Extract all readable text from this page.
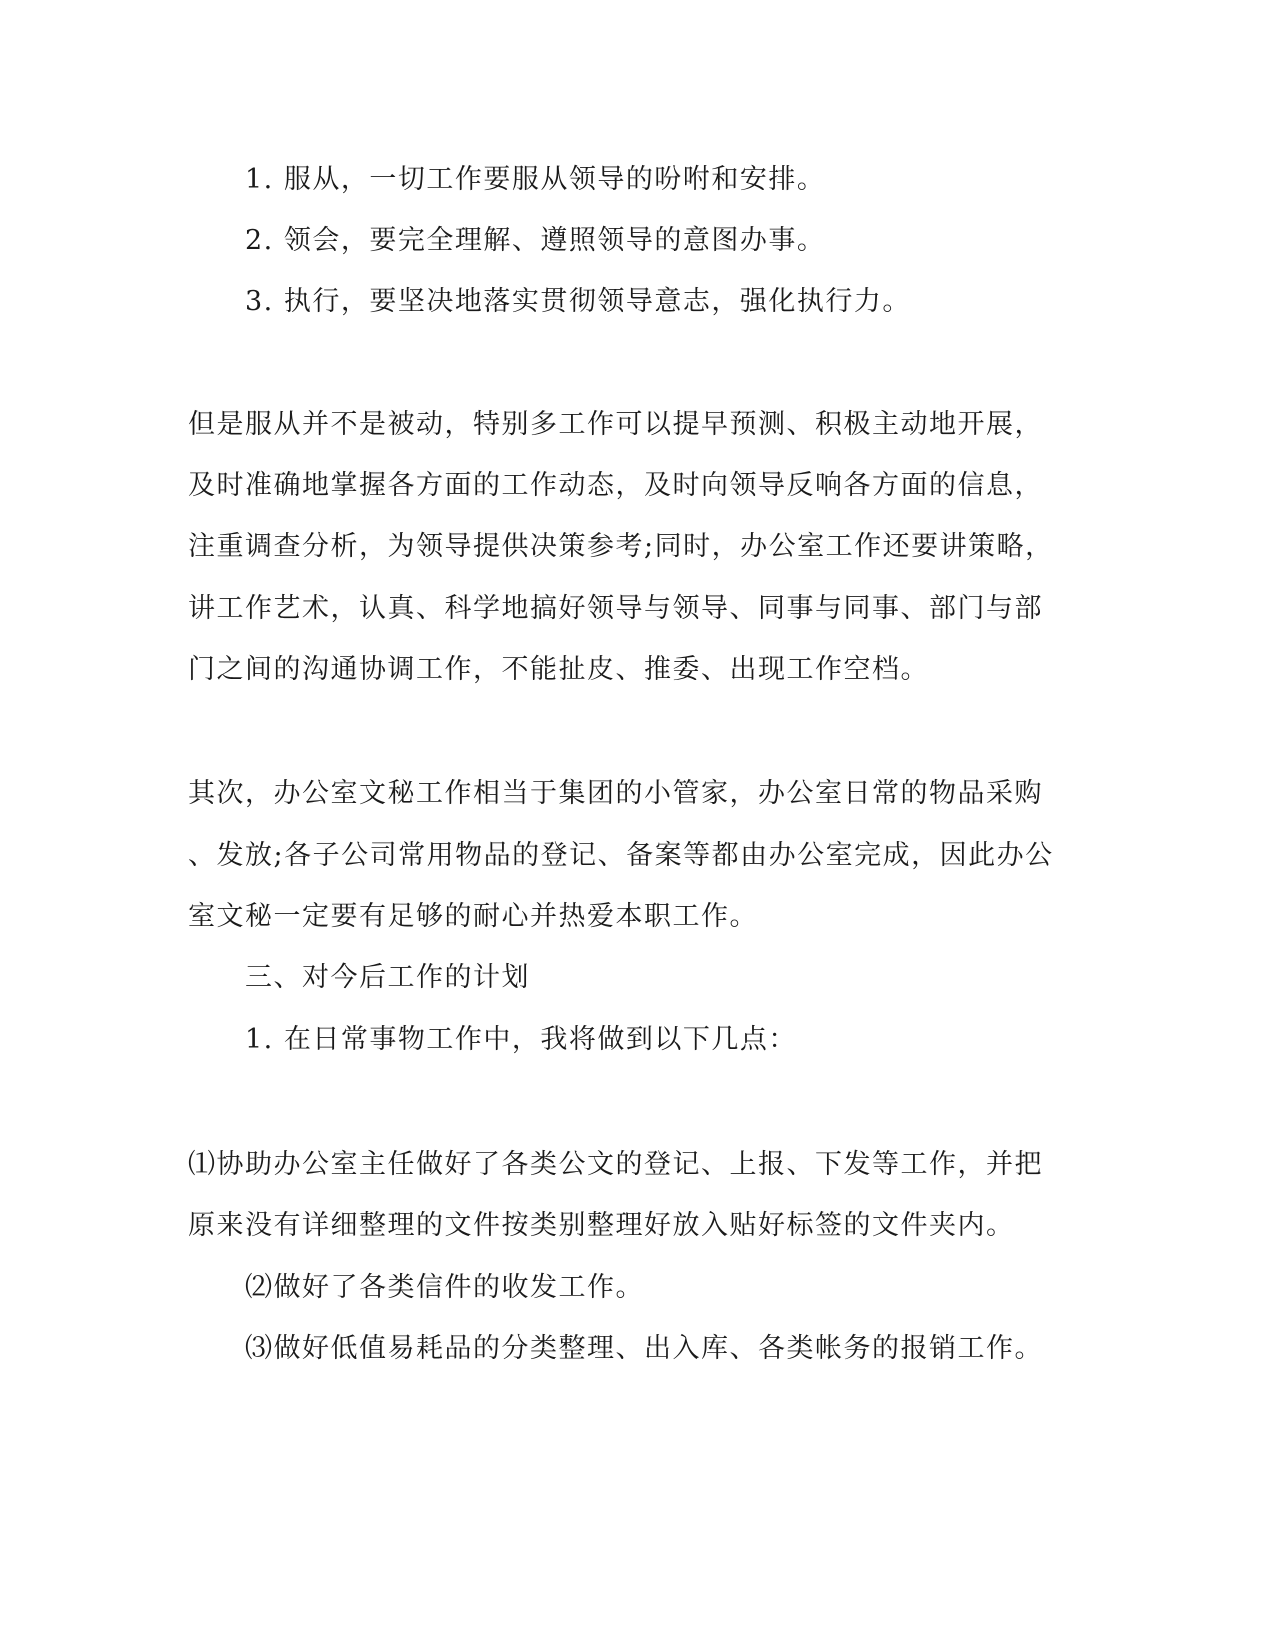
1. 服从，一切工作要服从领导的吩咐和安排。
2. 领会，要完全理解、遵照领导的意图办事。
3. 执行，要坚决地落实贯彻领导意志，强化执行力。
但是服从并不是被动，特别多工作可以提早预测、积极主动地开展，
及时准确地掌握各方面的工作动态，及时向领导反响各方面的信息，
注重调查分析，为领导提供决策参考;同时，办公室工作还要讲策略，
讲工作艺术，认真、科学地搞好领导与领导、同事与同事、部门与部
门之间的沟通协调工作，不能扯皮、推委、出现工作空档。
其次，办公室文秘工作相当于集团的小管家，办公室日常的物品采购
、发放;各子公司常用物品的登记、备案等都由办公室完成，因此办公
室文秘一定要有足够的耐心并热爱本职工作。
三、对今后工作的计划
1. 在日常事物工作中，我将做到以下几点：
⑴协助办公室主任做好了各类公文的登记、上报、下发等工作，并把
原来没有详细整理的文件按类别整理好放入贴好标签的文件夹内。
⑵做好了各类信件的收发工作。
⑶做好低值易耗品的分类整理、出入库、各类帐务的报销工作。
